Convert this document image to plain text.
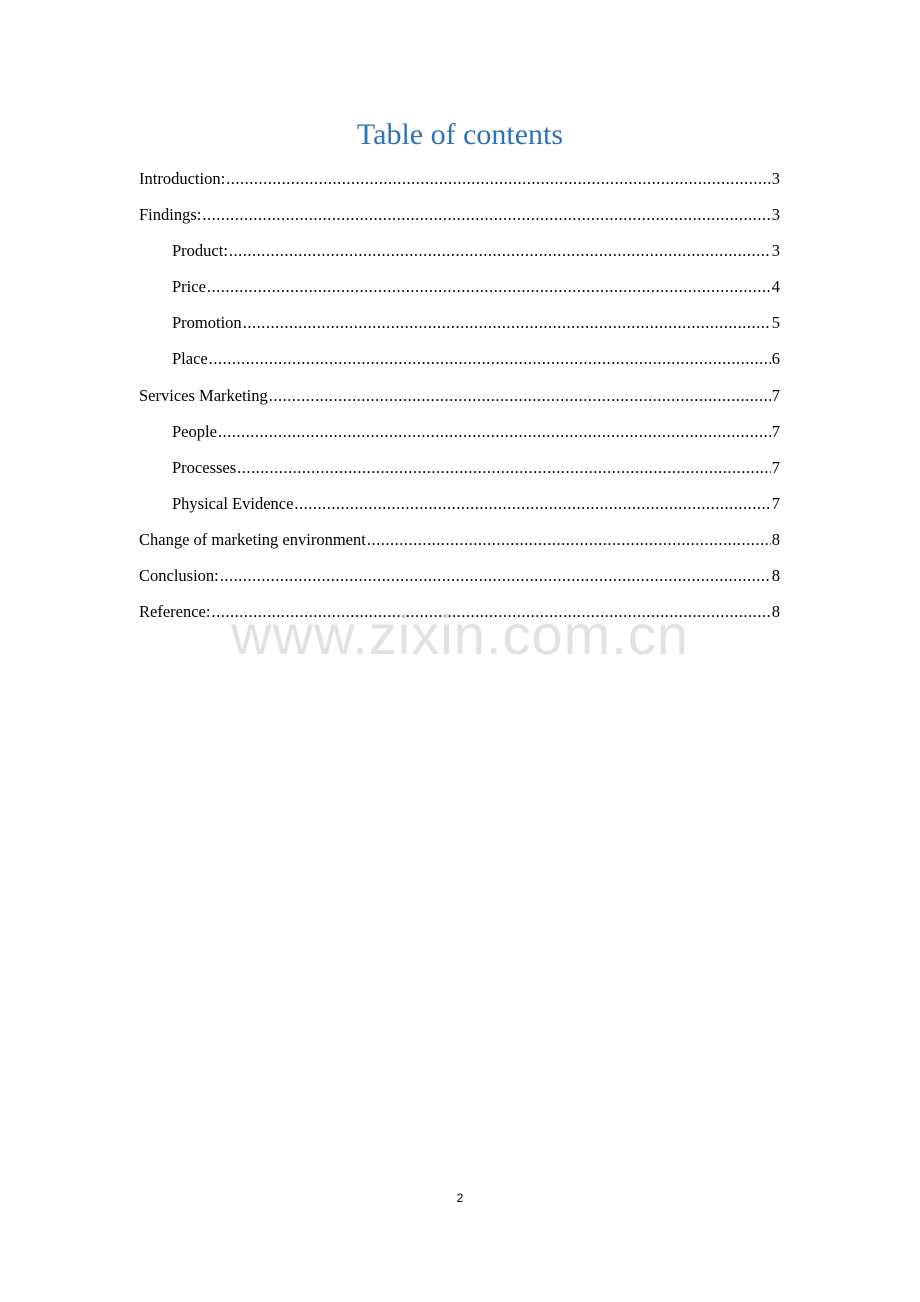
Table of contents
Introduction: .....	3
Findings: .....	3
Product: .....	3
Price .....	4
Promotion .....	5
Place .....	6
Services Marketing .....	7
People .....	7
Processes .....	7
Physical Evidence .....	7
Change of marketing environment .....	8
Conclusion: .....	8
Reference: .....	8
www.zixin.com.cn
2
